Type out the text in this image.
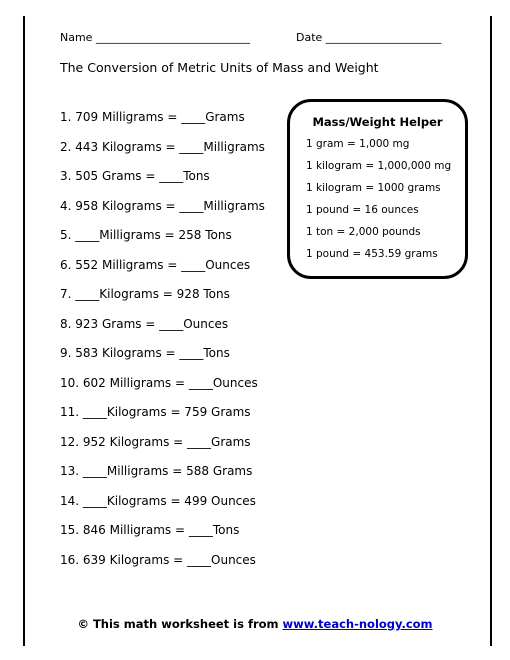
Name ____________________________	Date _____________________
The Conversion of Metric Units of Mass and Weight
1. 709 Milligrams = ____Grams
2. 443 Kilograms = ____Milligrams
3. 505 Grams = ____Tons
4. 958 Kilograms = ____Milligrams
5. ____Milligrams = 258 Tons
6. 552 Milligrams = ____Ounces
7. ____Kilograms = 928 Tons
8. 923 Grams = ____Ounces
9. 583 Kilograms = ____Tons
10. 602 Milligrams = ____Ounces
11. ____Kilograms = 759 Grams
12. 952 Kilograms = ____Grams
13. ____Milligrams = 588 Grams
14. ____Kilograms = 499 Ounces
15. 846 Milligrams = ____Tons
16. 639 Kilograms = ____Ounces
Mass/Weight Helper
1 gram = 1,000 mg
1 kilogram = 1,000,000 mg
1 kilogram = 1000 grams
1 pound = 16 ounces
1 ton = 2,000 pounds
1 pound = 453.59 grams
© This math worksheet is from www.teach-nology.com
